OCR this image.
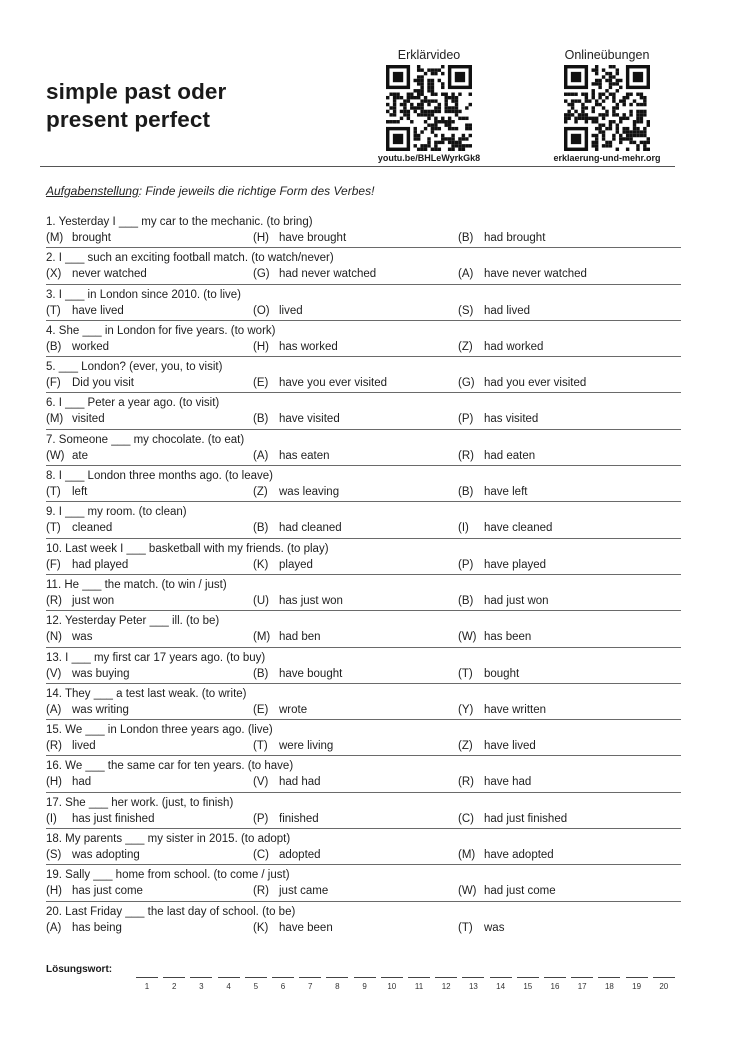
simple past oder
present perfect
Erklärvideo
youtu.be/BHLeWyrkGk8
Onlineübungen
erklaerung-und-mehr.org
Aufgabenstellung: Finde jeweils die richtige Form des Verbes!
1. Yesterday I ___ my car to the mechanic. (to bring)
(M) brought	(H) have brought	(B) had brought
2. I ___ such an exciting football match. (to watch/never)
(X) never watched	(G) had never watched	(A) have never watched
3. I ___ in London since 2010. (to live)
(T) have lived	(O) lived	(S) had lived
4. She ___ in London for five years. (to work)
(B) worked	(H) has worked	(Z) had worked
5. ___ London? (ever, you, to visit)
(F) Did you visit	(E) have you ever visited	(G) had you ever visited
6. I ___ Peter a year ago. (to visit)
(M) visited	(B) have visited	(P) has visited
7. Someone ___ my chocolate. (to eat)
(W) ate	(A) has eaten	(R) had eaten
8. I ___ London three months ago. (to leave)
(T) left	(Z) was leaving	(B) have left
9. I ___ my room. (to clean)
(T) cleaned	(B) had cleaned	(I) have cleaned
10. Last week I ___ basketball with my friends. (to play)
(F) had played	(K) played	(P) have played
11. He ___ the match. (to win / just)
(R) just won	(U) has just won	(B) had just won
12. Yesterday Peter ___ ill. (to be)
(N) was	(M) had ben	(W) has been
13. I ___ my first car 17 years ago. (to buy)
(V) was buying	(B) have bought	(T) bought
14. They ___ a test last weak. (to write)
(A) was writing	(E) wrote	(Y) have written
15. We ___ in London three years ago. (live)
(R) lived	(T) were living	(Z) have lived
16. We ___ the same car for ten years. (to have)
(H) had	(V) had had	(R) have had
17. She ___ her work. (just, to finish)
(I) has just finished	(P) finished	(C) had just finished
18. My parents ___ my sister in 2015. (to adopt)
(S) was adopting	(C) adopted	(M) have adopted
19. Sally ___ home from school. (to come / just)
(H) has just come	(R) just came	(W) had just come
20. Last Friday ___ the last day of school. (to be)
(A) has being	(K) have been	(T) was
Lösungswort:
1	2	3	4	5	6	7	8	9	10	11	12	13	14	15	16	17	18	19	20
